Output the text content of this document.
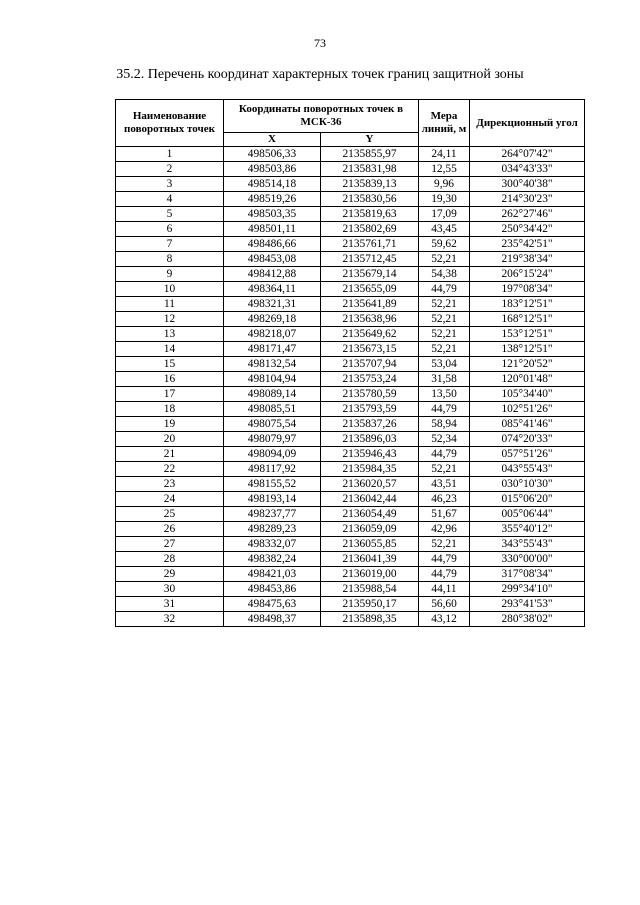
73
35.2. Перечень координат характерных точек границ защитной зоны
Наименование поворотных точек	Координаты поворотных точек в МСК-36		Мера линий, м	Дирекционный угол
	X	Y		
1	498506,33	2135855,97	24,11	264°07'42"
2	498503,86	2135831,98	12,55	034°43'33"
3	498514,18	2135839,13	9,96	300°40'38"
4	498519,26	2135830,56	19,30	214°30'23"
5	498503,35	2135819,63	17,09	262°27'46"
6	498501,11	2135802,69	43,45	250°34'42"
7	498486,66	2135761,71	59,62	235°42'51"
8	498453,08	2135712,45	52,21	219°38'34"
9	498412,88	2135679,14	54,38	206°15'24"
10	498364,11	2135655,09	44,79	197°08'34"
11	498321,31	2135641,89	52,21	183°12'51"
12	498269,18	2135638,96	52,21	168°12'51"
13	498218,07	2135649,62	52,21	153°12'51"
14	498171,47	2135673,15	52,21	138°12'51"
15	498132,54	2135707,94	53,04	121°20'52"
16	498104,94	2135753,24	31,58	120°01'48"
17	498089,14	2135780,59	13,50	105°34'40"
18	498085,51	2135793,59	44,79	102°51'26"
19	498075,54	2135837,26	58,94	085°41'46"
20	498079,97	2135896,03	52,34	074°20'33"
21	498094,09	2135946,43	44,79	057°51'26"
22	498117,92	2135984,35	52,21	043°55'43"
23	498155,52	2136020,57	43,51	030°10'30"
24	498193,14	2136042,44	46,23	015°06'20"
25	498237,77	2136054,49	51,67	005°06'44"
26	498289,23	2136059,09	42,96	355°40'12"
27	498332,07	2136055,85	52,21	343°55'43"
28	498382,24	2136041,39	44,79	330°00'00"
29	498421,03	2136019,00	44,79	317°08'34"
30	498453,86	2135988,54	44,11	299°34'10"
31	498475,63	2135950,17	56,60	293°41'53"
32	498498,37	2135898,35	43,12	280°38'02"
